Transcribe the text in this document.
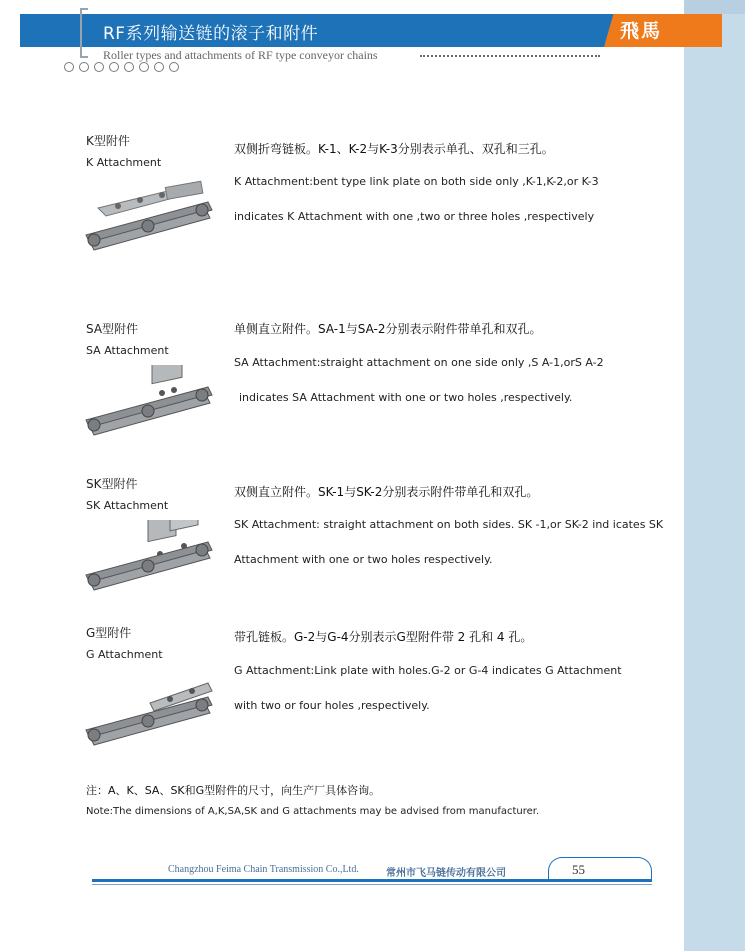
RF系列输送链的滚子和附件	飛馬
Roller types and attachments of RF type conveyor chains
K型附件
K Attachment
双侧折弯链板。K-1、K-2与K-3分别表示单孔、双孔和三孔。
K Attachment:bent type link plate on both side only ,K-1,K-2,or K-3
indicates K Attachment with one ,two or three holes ,respectively
SA型附件
SA Attachment
单侧直立附件。SA-1与SA-2分别表示附件带单孔和双孔。
SA Attachment:straight attachment on one side only ,S A-1,orS A-2
indicates SA Attachment with one or two holes ,respectively.
SK型附件
SK Attachment
双侧直立附件。SK-1与SK-2分别表示附件带单孔和双孔。
SK Attachment: straight attachment on both sides. SK -1,or SK-2 ind icates SK
Attachment with one or two holes respectively.
G型附件
G Attachment
带孔链板。G-2与G-4分别表示G型附件带 2 孔和 4 孔。
G Attachment:Link plate with holes.G-2 or G-4 indicates G Attachment
with two or four holes ,respectively.
注：A、K、SA、SK和G型附件的尺寸，向生产厂具体咨询。
Note:The dimensions of A,K,SA,SK and G attachments may be advised from manufacturer.
Changzhou Feima Chain Transmission Co.,Ltd.	常州市飞马链传动有限公司	55
